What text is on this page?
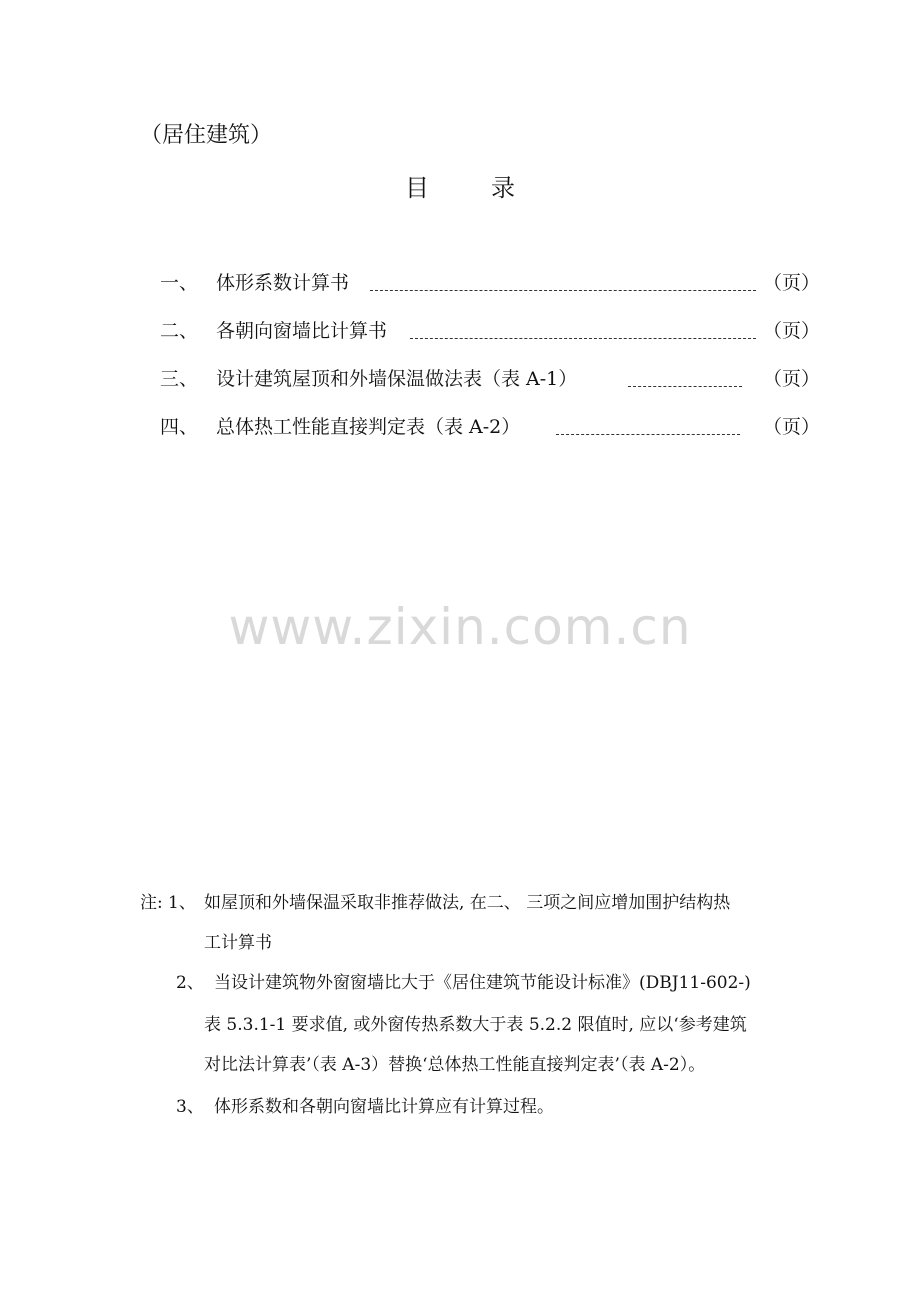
（居住建筑）
目	录
一、 体形系数计算书	（页）
二、 各朝向窗墙比计算书	（页）
三、 设计建筑屋顶和外墙保温做法表（表 A-1）	（页）
四、 总体热工性能直接判定表（表 A-2）	（页）
www.zixin.com.cn
注: 1、 如屋顶和外墙保温采取非推荐做法, 在二、 三项之间应增加围护结构热
工计算书
2、 当设计建筑物外窗窗墙比大于《居住建筑节能设计标准》(DBJ11-602-)
表 5.3.1-1 要求值, 或外窗传热系数大于表 5.2.2 限值时, 应以‘参考建筑
对比法计算表’（表 A-3）替换‘总体热工性能直接判定表’（表 A-2）。
3、 体形系数和各朝向窗墙比计算应有计算过程。
